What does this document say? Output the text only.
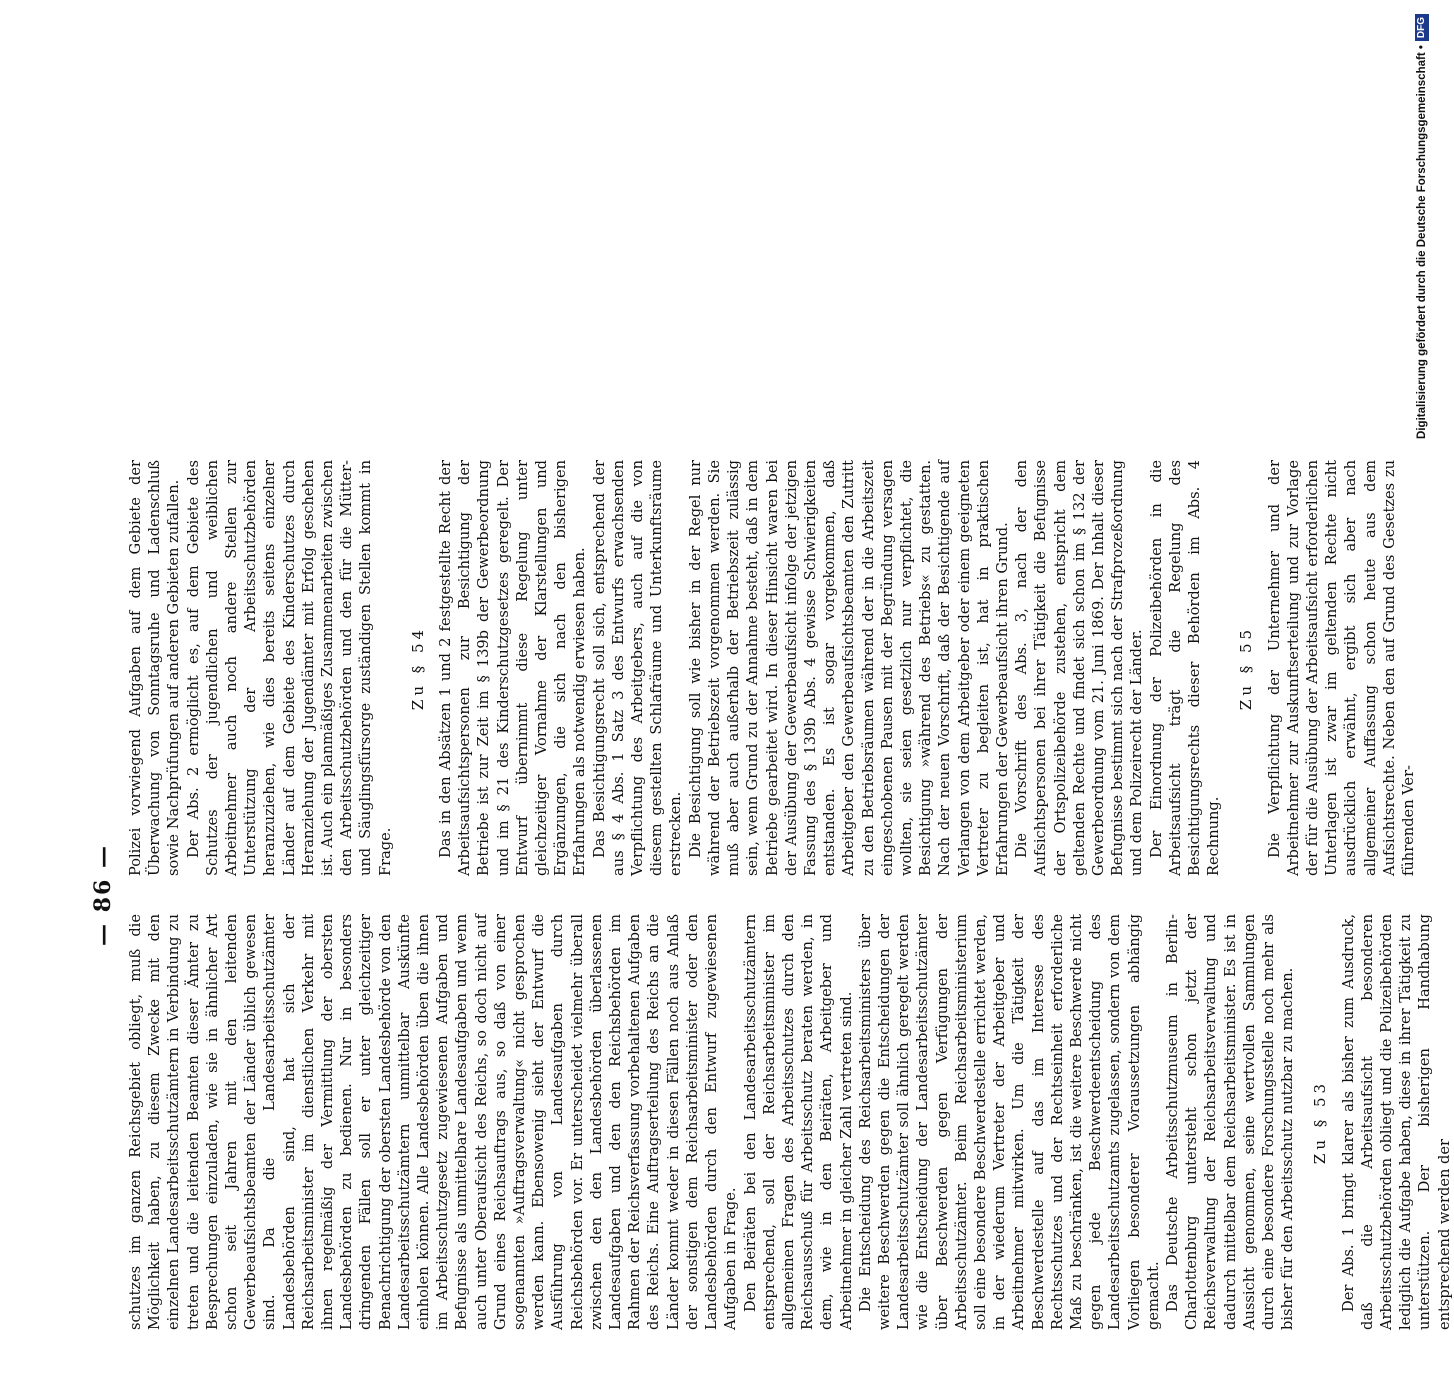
— 86 —

schutzes im ganzen Reichsgebiet obliegt, muß die Möglichkeit haben, zu diesem Zwecke mit den einzelnen Landesarbeitsschutzämtern in Verbindung zu treten und die leitenden Beamten dieser Ämter zu Besprechungen einzuladen, wie sie in ähnlicher Art schon seit Jahren mit den leitenden Gewerbeaufsichtsbeamten der Länder üblich gewesen sind. Da die Landesarbeitsschutzämter Landesbehörden sind, hat sich der Reichsarbeitsminister im dienstlichen Verkehr mit ihnen regelmäßig der Vermittlung der obersten Landesbehörden zu bedienen. Nur in besonders dringenden Fällen soll er unter gleichzeitiger Benachrichtigung der obersten Landesbehörde von den Landesarbeitsschutzämtern unmittelbar Auskünfte einholen können. Alle Landesbehörden üben die ihnen im Arbeitsschutzgesetz zugewiesenen Aufgaben und Befugnisse als unmittelbare Landesaufgaben und wenn auch unter Oberaufsicht des Reichs, so doch nicht auf Grund eines Reichsauftrags aus, so daß von einer sogenannten »Auftragsverwaltung« nicht gesprochen werden kann. Ebensowenig sieht der Entwurf die Ausführung von Landesaufgaben durch Reichsbehörden vor. Er unterscheidet vielmehr überall zwischen den den Landesbehörden überlassenen Landesaufgaben und den den Reichsbehörden im Rahmen der Reichsverfassung vorbehaltenen Aufgaben des Reichs. Eine Auftragserteilung des Reichs an die Länder kommt weder in diesen Fällen noch aus Anlaß der sonstigen dem Reichsarbeitsminister oder den Landesbehörden durch den Entwurf zugewiesenen Aufgaben in Frage. Den Beiräten bei den Landesarbeitsschutzämtern entsprechend, soll der Reichsarbeitsminister im allgemeinen Fragen des Arbeitsschutzes durch den Reichsausschuß für Arbeitsschutz beraten werden, in dem, wie in den Beiräten, Arbeitgeber und Arbeitnehmer in gleicher Zahl vertreten sind. Die Entscheidung des Reichsarbeitsministers über weitere Beschwerden gegen die Entscheidungen der Landesarbeitsschutzämter soll ähnlich geregelt werden wie die Entscheidung der Landesarbeitsschutzämter über Beschwerden gegen Verfügungen der Arbeitsschutzämter. Beim Reichsarbeitsministerium soll eine besondere Beschwerdestelle errichtet werden, in der wiederum Vertreter der Arbeitgeber und Arbeitnehmer mitwirken. Um die Tätigkeit der Beschwerdestelle auf das im Interesse des Rechtsschutzes und der Rechtseinheit erforderliche Maß zu beschränken, ist die weitere Beschwerde nicht gegen jede Beschwerdeentscheidung des Landesarbeitsschutzamts zugelassen, sondern von dem Vorliegen besonderer Voraussetzungen abhängig gemacht. Das Deutsche Arbeitsschutzmuseum in Berlin-Charlottenburg untersteht schon jetzt der Reichsverwaltung der Reichsarbeitsverwaltung und dadurch mittelbar dem Reichsarbeitsminister. Es ist in Aussicht genommen, seine wertvollen Sammlungen durch eine besondere Forschungsstelle noch mehr als bisher für den Arbeitsschutz nutzbar zu machen. Zu § 53 Der Abs. 1 bringt klarer als bisher zum Ausdruck, daß die Arbeitsaufsicht besonderen Arbeitsschutzbehörden obliegt und die Polizeibehörden lediglich die Aufgabe haben, diese in ihrer Tätigkeit zu unterstützen. Der bisherigen Handhabung entsprechend werden der

Polizei vorwiegend Aufgaben auf dem Gebiete der Überwachung von Sonntagsruhe und Ladenschluß sowie Nachprüfungen auf anderen Gebieten zufallen. Der Abs. 2 ermöglicht es, auf dem Gebiete des Schutzes der jugendlichen und weiblichen Arbeitnehmer auch noch andere Stellen zur Unterstützung der Arbeitsschutzbehörden heranzuziehen, wie dies bereits seitens einzelner Länder auf dem Gebiete des Kinderschutzes durch Heranziehung der Jugendämter mit Erfolg geschehen ist. Auch ein planmäßiges Zusammenarbeiten zwischen den Arbeitsschutzbehörden und den für die Mütter- und Säuglingsfürsorge zuständigen Stellen kommt in Frage.

Zu § 54 Das in den Absätzen 1 und 2 festgestellte Recht der Arbeitsaufsichtspersonen zur Besichtigung der Betriebe ist zur Zeit im § 139b der Gewerbeordnung und im § 21 des Kinderschutzgesetzes geregelt. Der Entwurf übernimmt diese Regelung unter gleichzeitiger Vornahme der Klarstellungen und Ergänzungen, die sich nach den bisherigen Erfahrungen als notwendig erwiesen haben. Das Besichtigungsrecht soll sich, entsprechend der aus § 4 Abs. 1 Satz 3 des Entwurfs erwachsenden Verpflichtung des Arbeitgebers, auch auf die von diesem gestellten Schlafräume und Unterkunftsräume erstrecken. Die Besichtigung soll wie bisher in der Regel nur während der Betriebszeit vorgenommen werden. Sie muß aber auch außerhalb der Betriebszeit zulässig sein, wenn Grund zu der Annahme besteht, daß in dem Betriebe gearbeitet wird. In dieser Hinsicht waren bei der Ausübung der Gewerbeaufsicht infolge der jetzigen Fassung des § 139b Abs. 4 gewisse Schwierigkeiten entstanden. Es ist sogar vorgekommen, daß Arbeitgeber den Gewerbeaufsichtsbeamten den Zutritt zu den Betriebsräumen während der in die Arbeitszeit eingeschobenen Pausen mit der Begründung versagen wollten, sie seien gesetzlich nur verpflichtet, die Besichtigung »während des Betriebs« zu gestatten. Nach der neuen Vorschrift, daß der Besichtigende auf Verlangen von dem Arbeitgeber oder einem geeigneten Vertreter zu begleiten ist, hat in praktischen Erfahrungen der Gewerbeaufsicht ihren Grund. Die Vorschrift des Abs. 3, nach der den Aufsichtspersonen bei ihrer Tätigkeit die Befugnisse der Ortspolizeibehörde zustehen, entspricht dem geltenden Rechte und findet sich schon im § 132 der Gewerbeordnung vom 21. Juni 1869. Der Inhalt dieser Befugnisse bestimmt sich nach der Strafprozeßordnung und dem Polizeirecht der Länder. Der Einordnung der Polizeibehörden in die Arbeitsaufsicht trägt die Regelung des Besichtigungsrechts dieser Behörden im Abs. 4 Rechnung.

Zu § 55 Die Verpflichtung der Unternehmer und der Arbeitnehmer zur Auskunftserteilung und zur Vorlage der für die Ausübung der Arbeitsaufsicht erforderlichen Unterlagen ist zwar im geltenden Rechte nicht ausdrücklich erwähnt, ergibt sich aber nach allgemeiner Auffassung schon heute aus dem Aufsichtsrechte. Neben den auf Grund des Gesetzes zu führenden Ver-

Digitalisierung gefördert durch die Deutsche Forschungsgemeinschaft •DFG
